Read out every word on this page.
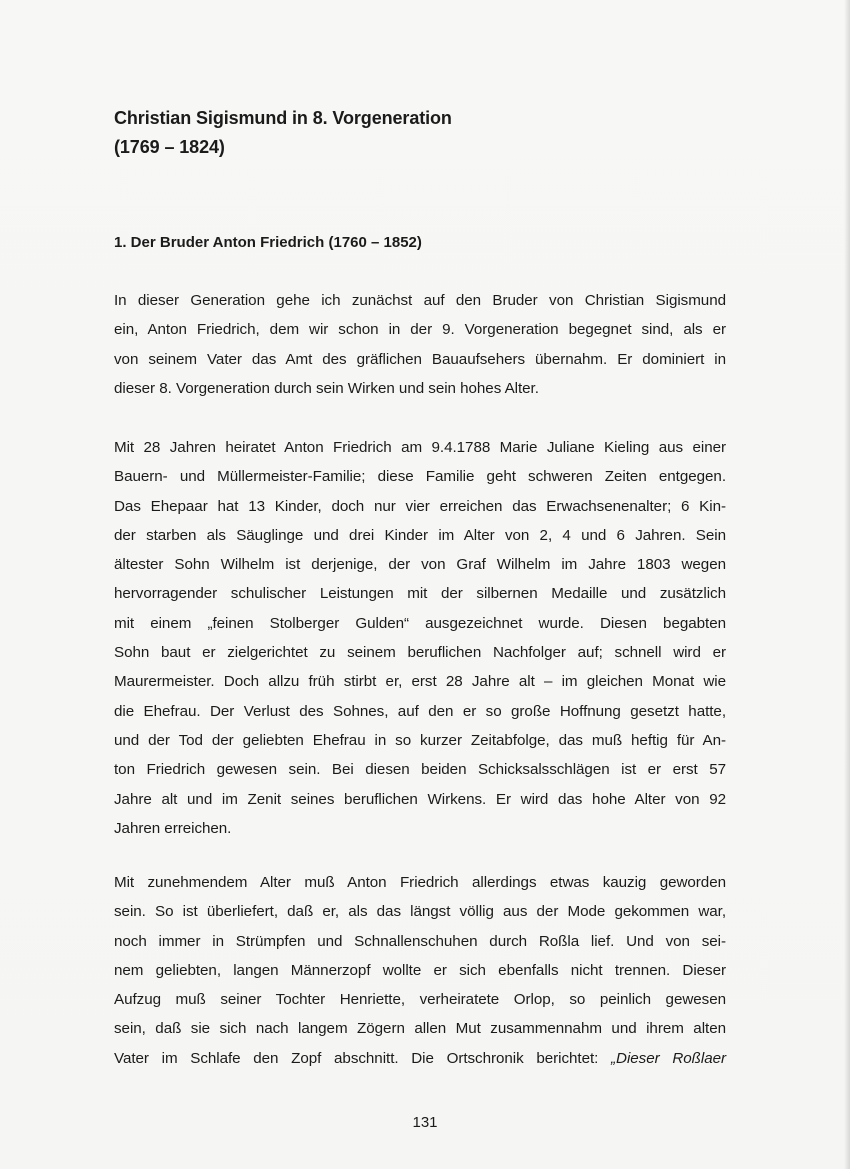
Christian Sigismund in 8. Vorgeneration
(1769 – 1824)
1. Der Bruder Anton Friedrich (1760 – 1852)
In dieser Generation gehe ich zunächst auf den Bruder von Christian Sigismund
ein, Anton Friedrich, dem wir schon in der 9. Vorgeneration begegnet sind, als er
von seinem Vater das Amt des gräflichen Bauaufsehers übernahm. Er dominiert in
dieser 8. Vorgeneration durch sein Wirken und sein hohes Alter.
Mit 28 Jahren heiratet Anton Friedrich am 9.4.1788 Marie Juliane Kieling aus einer
Bauern- und Müllermeister-Familie; diese Familie geht schweren Zeiten entgegen.
Das Ehepaar hat 13 Kinder, doch nur vier erreichen das Erwachsenenalter; 6 Kin-
der starben als Säuglinge und drei Kinder im Alter von 2, 4 und 6 Jahren. Sein
ältester Sohn Wilhelm ist derjenige, der von Graf Wilhelm im Jahre 1803 wegen
hervorragender schulischer Leistungen mit der silbernen Medaille und zusätzlich
mit einem „feinen Stolberger Gulden“ ausgezeichnet wurde. Diesen begabten
Sohn baut er zielgerichtet zu seinem beruflichen Nachfolger auf; schnell wird er
Maurermeister. Doch allzu früh stirbt er, erst 28 Jahre alt – im gleichen Monat wie
die Ehefrau. Der Verlust des Sohnes, auf den er so große Hoffnung gesetzt hatte,
und der Tod der geliebten Ehefrau in so kurzer Zeitabfolge, das muß heftig für An-
ton Friedrich gewesen sein. Bei diesen beiden Schicksalsschlägen ist er erst 57
Jahre alt und im Zenit seines beruflichen Wirkens. Er wird das hohe Alter von 92
Jahren erreichen.
Mit zunehmendem Alter muß Anton Friedrich allerdings etwas kauzig geworden
sein. So ist überliefert, daß er, als das längst völlig aus der Mode gekommen war,
noch immer in Strümpfen und Schnallenschuhen durch Roßla lief. Und von sei-
nem geliebten, langen Männerzopf wollte er sich ebenfalls nicht trennen. Dieser
Aufzug muß seiner Tochter Henriette, verheiratete Orlop, so peinlich gewesen
sein, daß sie sich nach langem Zögern allen Mut zusammennahm und ihrem alten
Vater im Schlafe den Zopf abschnitt. Die Ortschronik berichtet: „Dieser Roßlaer
131
